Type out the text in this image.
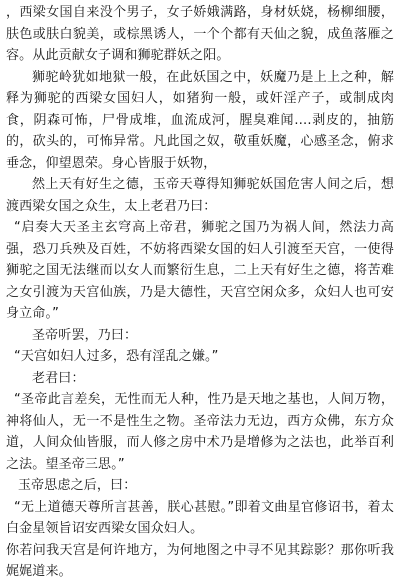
，西梁女国自来没个男子，女子娇娥满路，身材妖娆，杨柳细腰，肤色或肤白貌美，或棕黑诱人，一个个都有天仙之貌，成鱼落雁之容。从此贡献女子调和狮驼群妖之阳。

狮驼岭犹如地狱一般，在此妖国之中，妖魔乃是上上之种，解释为狮驼的西梁女国妇人，如猪狗一般，或奸淫产子，或制成肉食，阴森可怖，尸骨成堆，血流成河，腥臭难闻….剥皮的，抽筋的，砍头的，可怖异常。凡此国之奴，敬重妖魔，心感圣念，俯求垂念，仰望恩荣。身心皆服于妖物，

然上天有好生之德，玉帝天尊得知狮驼妖国危害人间之后，想渡西梁女国之众生，太上老君乃曰：

“启奏大天圣主玄穹高上帝君，狮驼之国乃为祸人间，然法力高强，恐刀兵殃及百姓，不妨将西梁女国的妇人引渡至天宫，一使得狮驼之国无法继而以女人而繁衍生息，二上天有好生之德，将苦难之女引渡为天宫仙族，乃是大德性，天宫空闲众多，众妇人也可安身立命。”

圣帝听罢，乃曰：

“天宫如妇人过多，恐有淫乱之嫌。”

老君曰：

“圣帝此言差矣，无性而无人种，性乃是天地之基也，人间万物，神将仙人，无一不是性生之物。圣帝法力无边，西方众佛，东方众道，人间众仙皆服，而人修之房中术乃是增修为之法也，此举百利之法。望圣帝三思。”

玉帝思虑之后，曰：

“无上道德天尊所言甚善，朕心甚慰。”即着文曲星官修诏书，着太白金星领旨诏安西梁女国众妇人。

你若问我天宫是何许地方，为何地图之中寻不见其踪影？那你听我娓娓道来。
